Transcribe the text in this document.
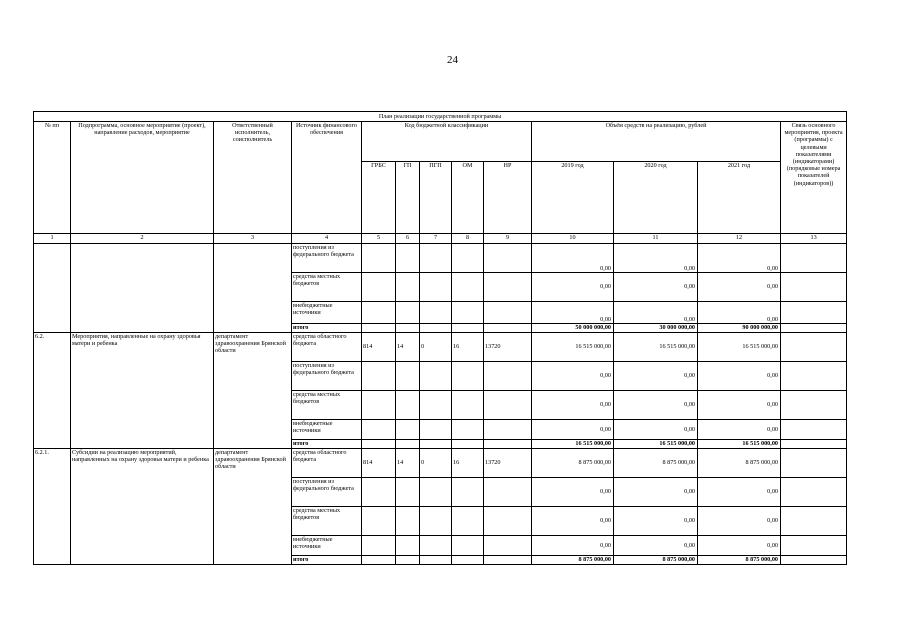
24
План реализации государственной программы												
№ пп	Подпрограмма, основное мероприятие (проект), направление расходов, мероприятие	Ответственный исполнитель, соисполнитель	Источник финансового обеспечения	Код бюджетной классификации					Объём средств на реализацию, рублей			Связь основного мероприятия, проекта (программы) с целевыми показателями (индикаторами) (порядковые номера показателей (индикаторов))
				ГРБС	ГП	ПГП	ОМ	НР	2019 год	2020 год	2021 год	
1	2	3	4	5	6	7	8	9	10	11	12	13
			поступления из федерального бюджета						0,00	0,00	0,00	
			средства местных бюджетов						0,00	0,00	0,00	
			внебюджетные источники						0,00	0,00	0,00	
			итого						50 000 000,00	30 000 000,00	90 000 000,00	
6.2.	Мероприятия, направленные на охрану здоровья матери и ребенка	департамент здравоохранения Брянской области	средства областного бюджета	814	14	0	16	13720	16 515 000,00	16 515 000,00	16 515 000,00	
			поступления из федерального бюджета						0,00	0,00	0,00	
			средства местных бюджетов						0,00	0,00	0,00	
			внебюджетные источники						0,00	0,00	0,00	
			итого						16 515 000,00	16 515 000,00	16 515 000,00	
6.2.1.	Субсидии на реализацию мероприятий, направленных на охрану здоровья матери и ребенка	департамент здравоохранения Брянской области	средства областного бюджета	814	14	0	16	13720	8 875 000,00	8 875 000,00	8 875 000,00	
			поступления из федерального бюджета						0,00	0,00	0,00	
			средства местных бюджетов						0,00	0,00	0,00	
			внебюджетные источники						0,00	0,00	0,00	
			итого						8 875 000,00	8 875 000,00	8 875 000,00	
